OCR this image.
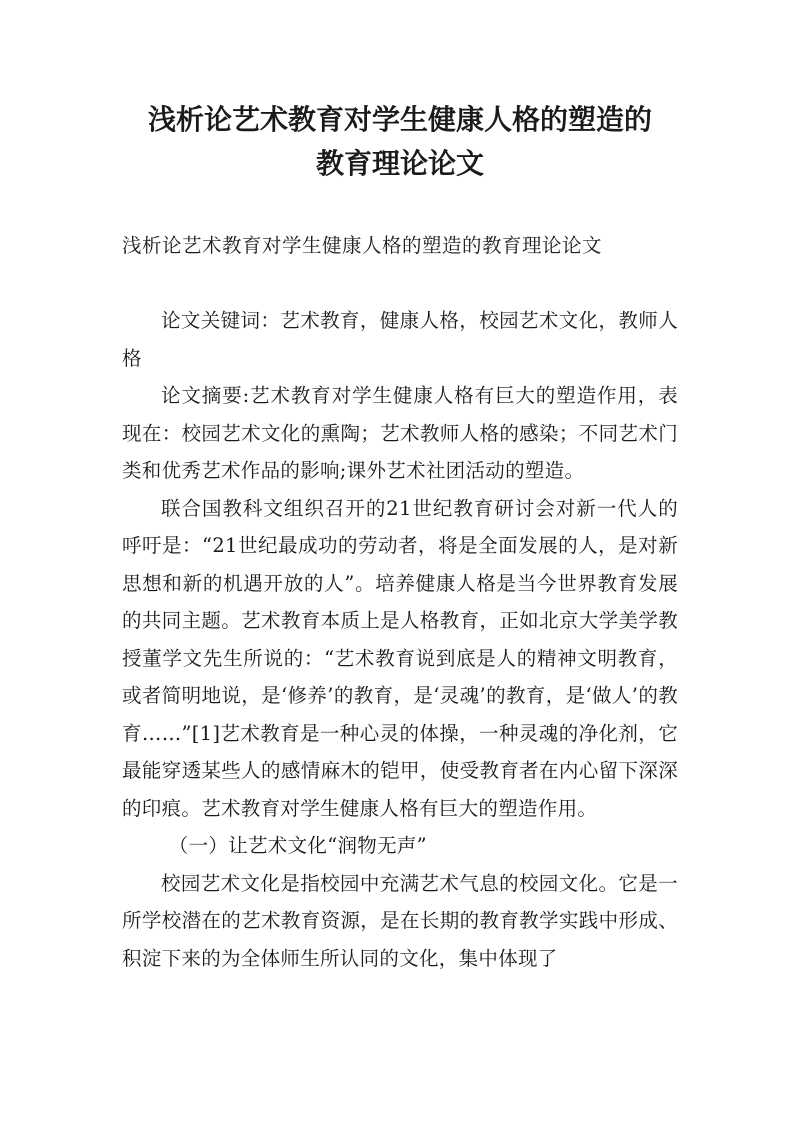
浅析论艺术教育对学生健康人格的塑造的
教育理论论文

浅析论艺术教育对学生健康人格的塑造的教育理论论文

论文关键词：艺术教育，健康人格，校园艺术文化，教师人格

论文摘要:艺术教育对学生健康人格有巨大的塑造作用，表现在：校园艺术文化的熏陶；艺术教师人格的感染；不同艺术门类和优秀艺术作品的影响;课外艺术社团活动的塑造。

联合国教科文组织召开的21世纪教育研讨会对新一代人的呼吁是：“21世纪最成功的劳动者，将是全面发展的人，是对新思想和新的机遇开放的人”。培养健康人格是当今世界教育发展的共同主题。艺术教育本质上是人格教育，正如北京大学美学教授董学文先生所说的：“艺术教育说到底是人的精神文明教育，或者简明地说，是‘修养’的教育，是‘灵魂’的教育，是‘做人’的教育……”[1]艺术教育是一种心灵的体操，一种灵魂的净化剂，它最能穿透某些人的感情麻木的铠甲，使受教育者在内心留下深深的印痕。艺术教育对学生健康人格有巨大的塑造作用。

（一）让艺术文化“润物无声”

校园艺术文化是指校园中充满艺术气息的校园文化。它是一所学校潜在的艺术教育资源，是在长期的教育教学实践中形成、积淀下来的为全体师生所认同的文化，集中体现了
